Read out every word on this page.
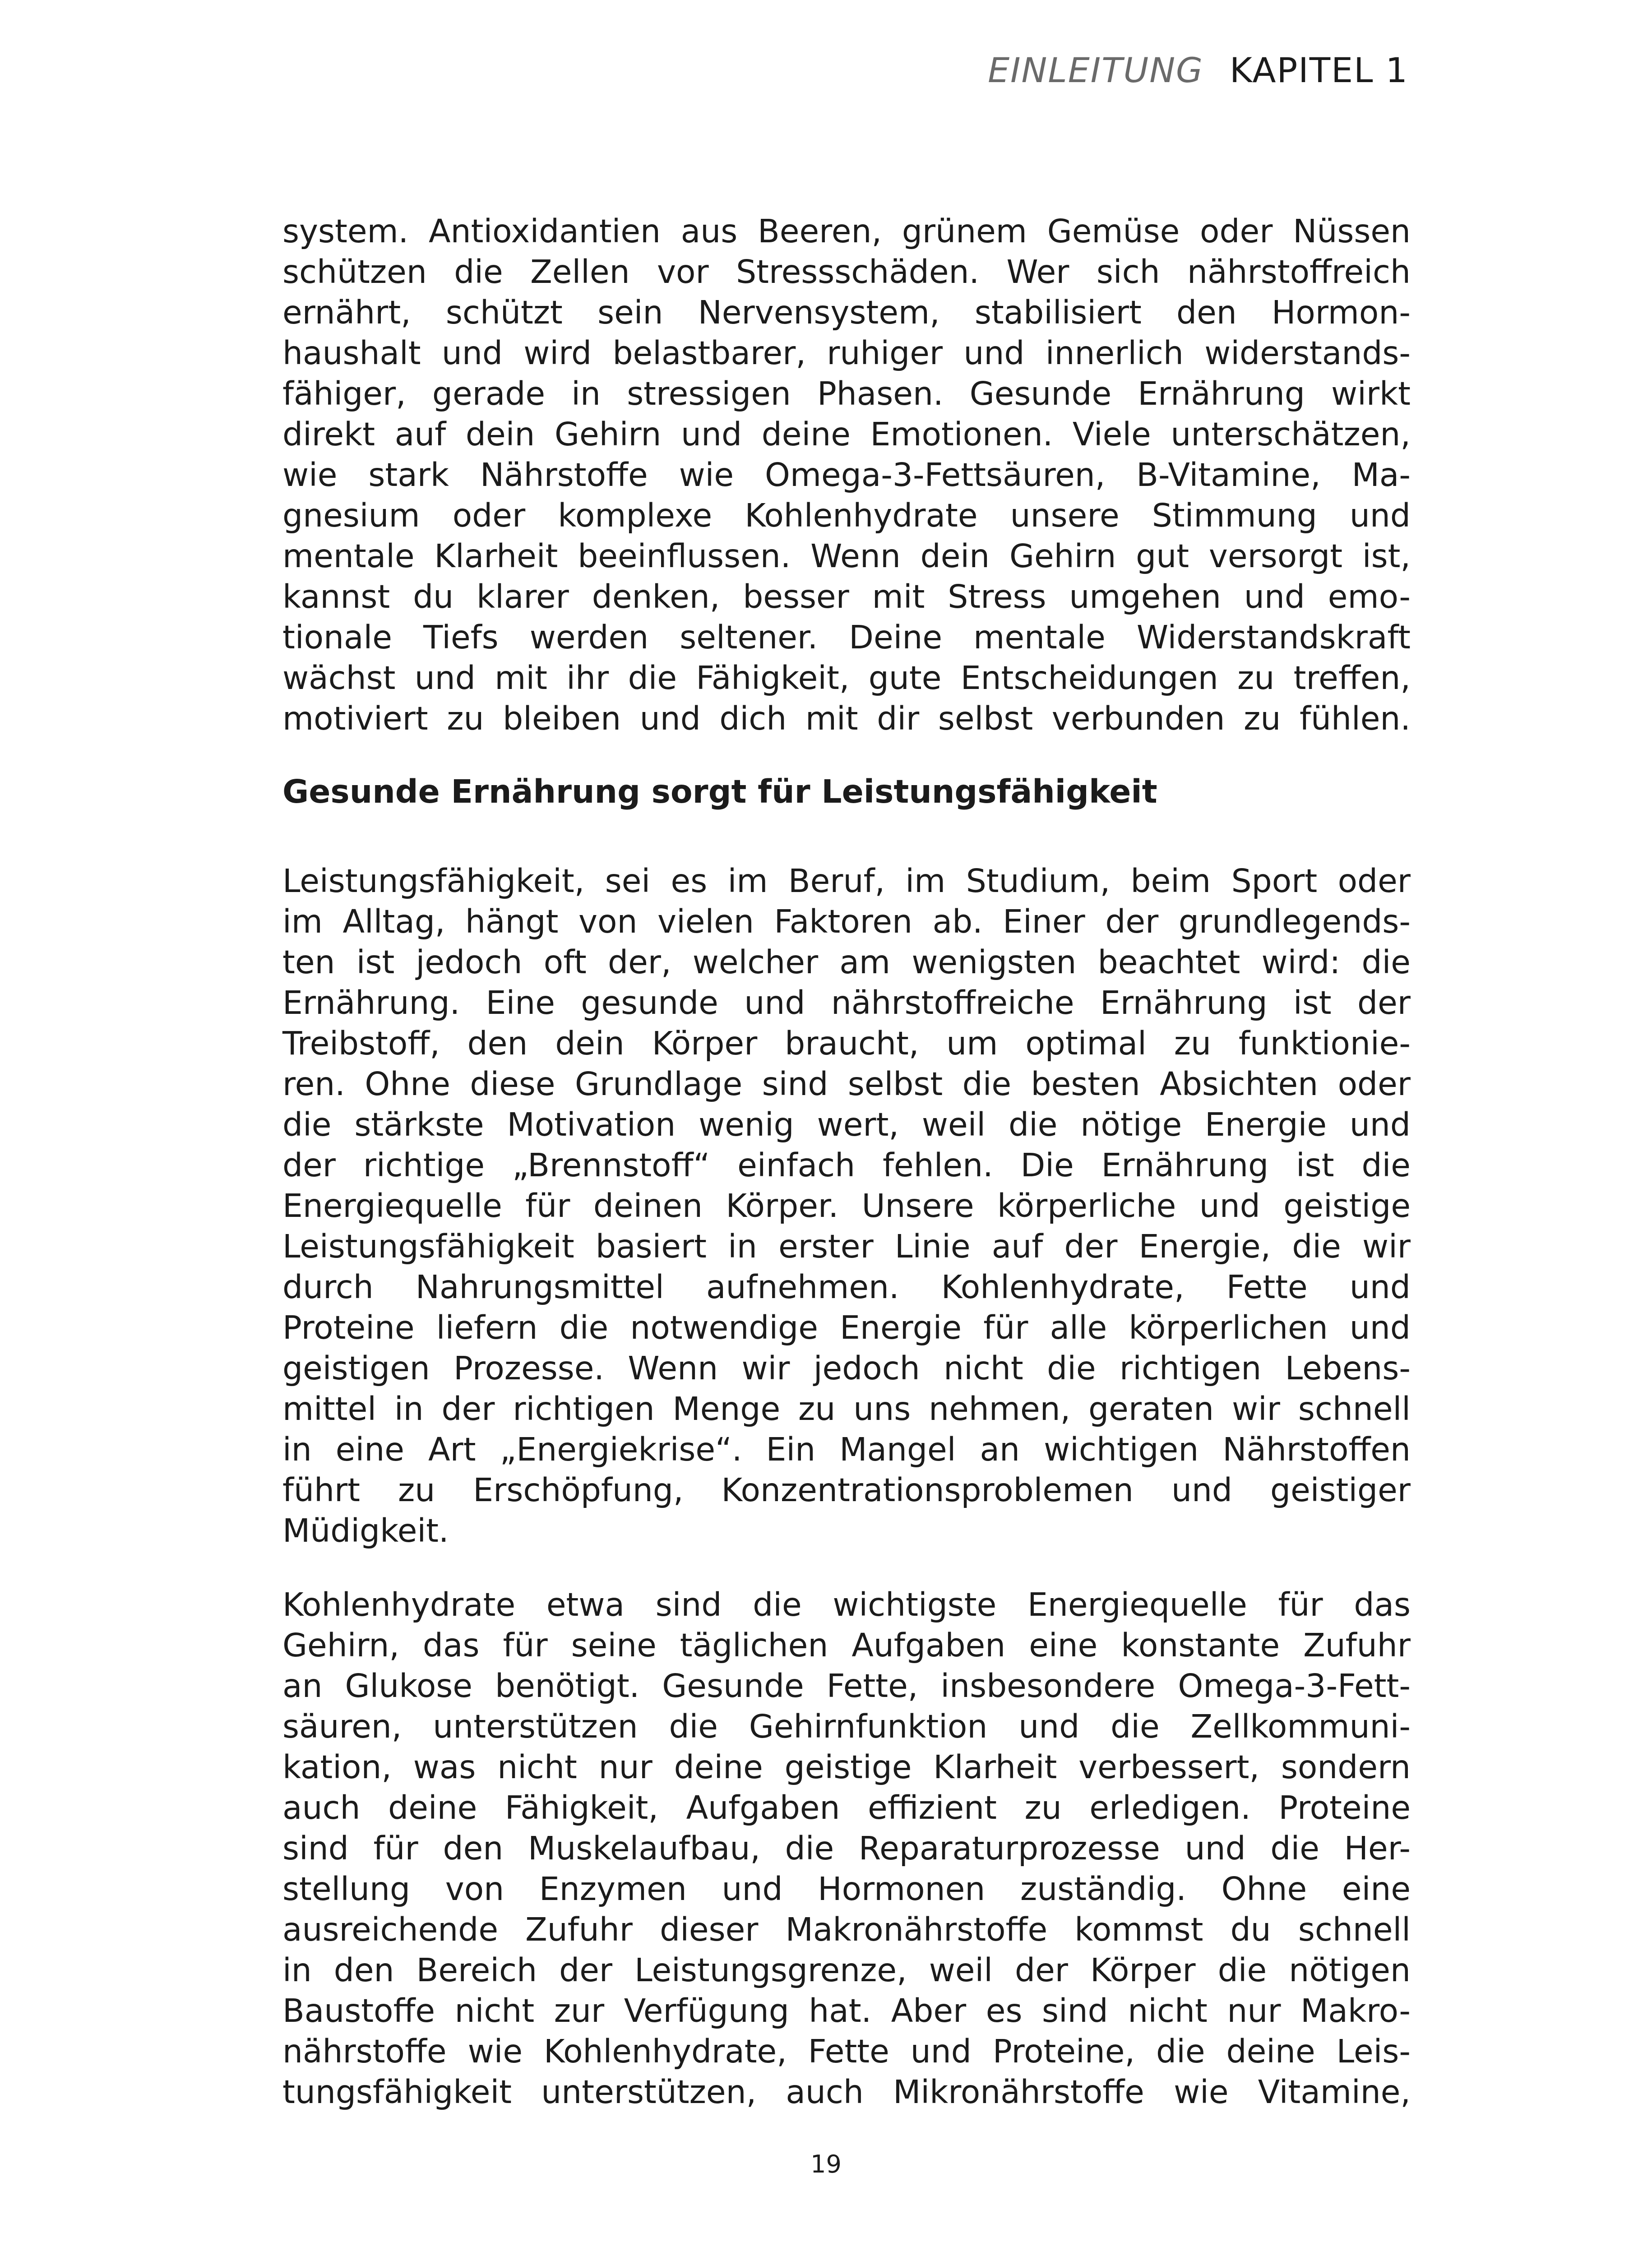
EINLEITUNG KAPITEL 1
system. Antioxidantien aus Beeren, grünem Gemüse oder Nüssen
schützen die Zellen vor Stressschäden. Wer sich nährstoffreich
ernährt, schützt sein Nervensystem, stabilisiert den Hormon-
haushalt und wird belastbarer, ruhiger und innerlich widerstands-
fähiger, gerade in stressigen Phasen. Gesunde Ernährung wirkt
direkt auf dein Gehirn und deine Emotionen. Viele unterschätzen,
wie stark Nährstoffe wie Omega-3-Fettsäuren, B-Vitamine, Ma-
gnesium oder komplexe Kohlenhydrate unsere Stimmung und
mentale Klarheit beeinflussen. Wenn dein Gehirn gut versorgt ist,
kannst du klarer denken, besser mit Stress umgehen und emo-
tionale Tiefs werden seltener. Deine mentale Widerstandskraft
wächst und mit ihr die Fähigkeit, gute Entscheidungen zu treffen,
motiviert zu bleiben und dich mit dir selbst verbunden zu fühlen.
Gesunde Ernährung sorgt für Leistungsfähigkeit
Leistungsfähigkeit, sei es im Beruf, im Studium, beim Sport oder
im Alltag, hängt von vielen Faktoren ab. Einer der grundlegends-
ten ist jedoch oft der, welcher am wenigsten beachtet wird: die
Ernährung. Eine gesunde und nährstoffreiche Ernährung ist der
Treibstoff, den dein Körper braucht, um optimal zu funktionie-
ren. Ohne diese Grundlage sind selbst die besten Absichten oder
die stärkste Motivation wenig wert, weil die nötige Energie und
der richtige „Brennstoff“ einfach fehlen. Die Ernährung ist die
Energiequelle für deinen Körper. Unsere körperliche und geistige
Leistungsfähigkeit basiert in erster Linie auf der Energie, die wir
durch Nahrungsmittel aufnehmen. Kohlenhydrate, Fette und
Proteine liefern die notwendige Energie für alle körperlichen und
geistigen Prozesse. Wenn wir jedoch nicht die richtigen Lebens-
mittel in der richtigen Menge zu uns nehmen, geraten wir schnell
in eine Art „Energiekrise“. Ein Mangel an wichtigen Nährstoffen
führt zu Erschöpfung, Konzentrationsproblemen und geistiger
Müdigkeit.
Kohlenhydrate etwa sind die wichtigste Energiequelle für das
Gehirn, das für seine täglichen Aufgaben eine konstante Zufuhr
an Glukose benötigt. Gesunde Fette, insbesondere Omega-3-Fett-
säuren, unterstützen die Gehirnfunktion und die Zellkommuni-
kation, was nicht nur deine geistige Klarheit verbessert, sondern
auch deine Fähigkeit, Aufgaben effizient zu erledigen. Proteine
sind für den Muskelaufbau, die Reparaturprozesse und die Her-
stellung von Enzymen und Hormonen zuständig. Ohne eine
ausreichende Zufuhr dieser Makronährstoffe kommst du schnell
in den Bereich der Leistungsgrenze, weil der Körper die nötigen
Baustoffe nicht zur Verfügung hat. Aber es sind nicht nur Makro-
nährstoffe wie Kohlenhydrate, Fette und Proteine, die deine Leis-
tungsfähigkeit unterstützen, auch Mikronährstoffe wie Vitamine,
19
